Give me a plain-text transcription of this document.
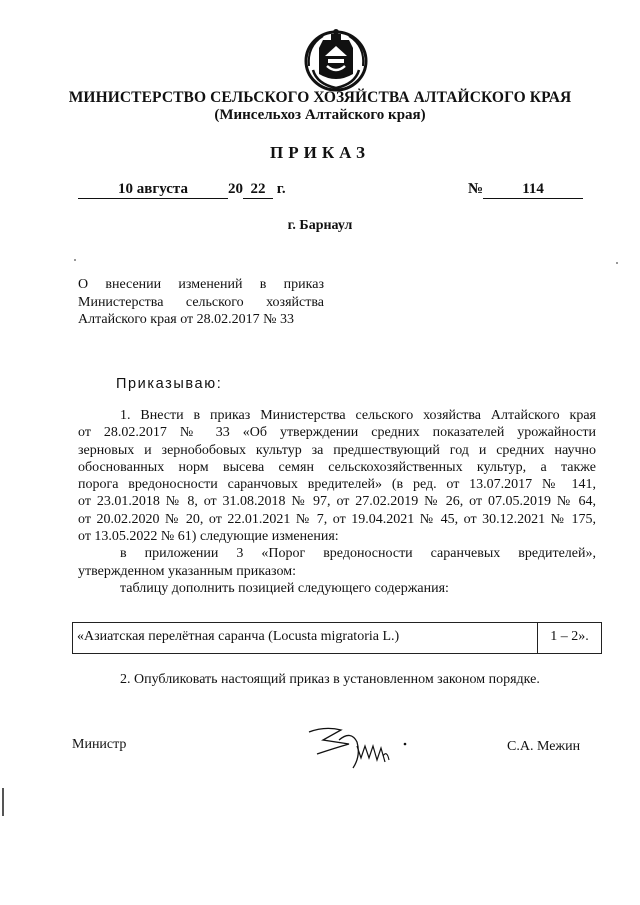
МИНИСТЕРСТВО СЕЛЬСКОГО ХОЗЯЙСТВА АЛТАЙСКОГО КРАЯ
(Минсельхоз Алтайского края)
ПРИКАЗ
10 августа	20 22 г.	№	114
г. Барнаул
О внесении изменений в приказ
Министерства сельского хозяйства
Алтайского края от 28.02.2017 № 33
Приказываю:
1. Внести в приказ Министерства сельского хозяйства Алтайского края
от 28.02.2017 № 33 «Об утверждении средних показателей урожайности
зерновых и зернобобовых культур за предшествующий год и средних научно
обоснованных норм высева семян сельскохозяйственных культур, а также
порога вредоносности саранчовых вредителей» (в ред. от 13.07.2017 № 141,
от 23.01.2018 № 8, от 31.08.2018 № 97, от 27.02.2019 № 26, от 07.05.2019 № 64,
от 20.02.2020 № 20, от 22.01.2021 № 7, от 19.04.2021 № 45, от 30.12.2021 № 175,
от 13.05.2022 № 61) следующие изменения:
в приложении 3 «Порог вредоносности саранчевых вредителей»,
утвержденном указанным приказом:
таблицу дополнить позицией следующего содержания:
«Азиатская перелётная саранча (Locusta migratoria L.)	1 – 2».
2. Опубликовать настоящий приказ в установленном законом порядке.
Министр	С.А. Межин
